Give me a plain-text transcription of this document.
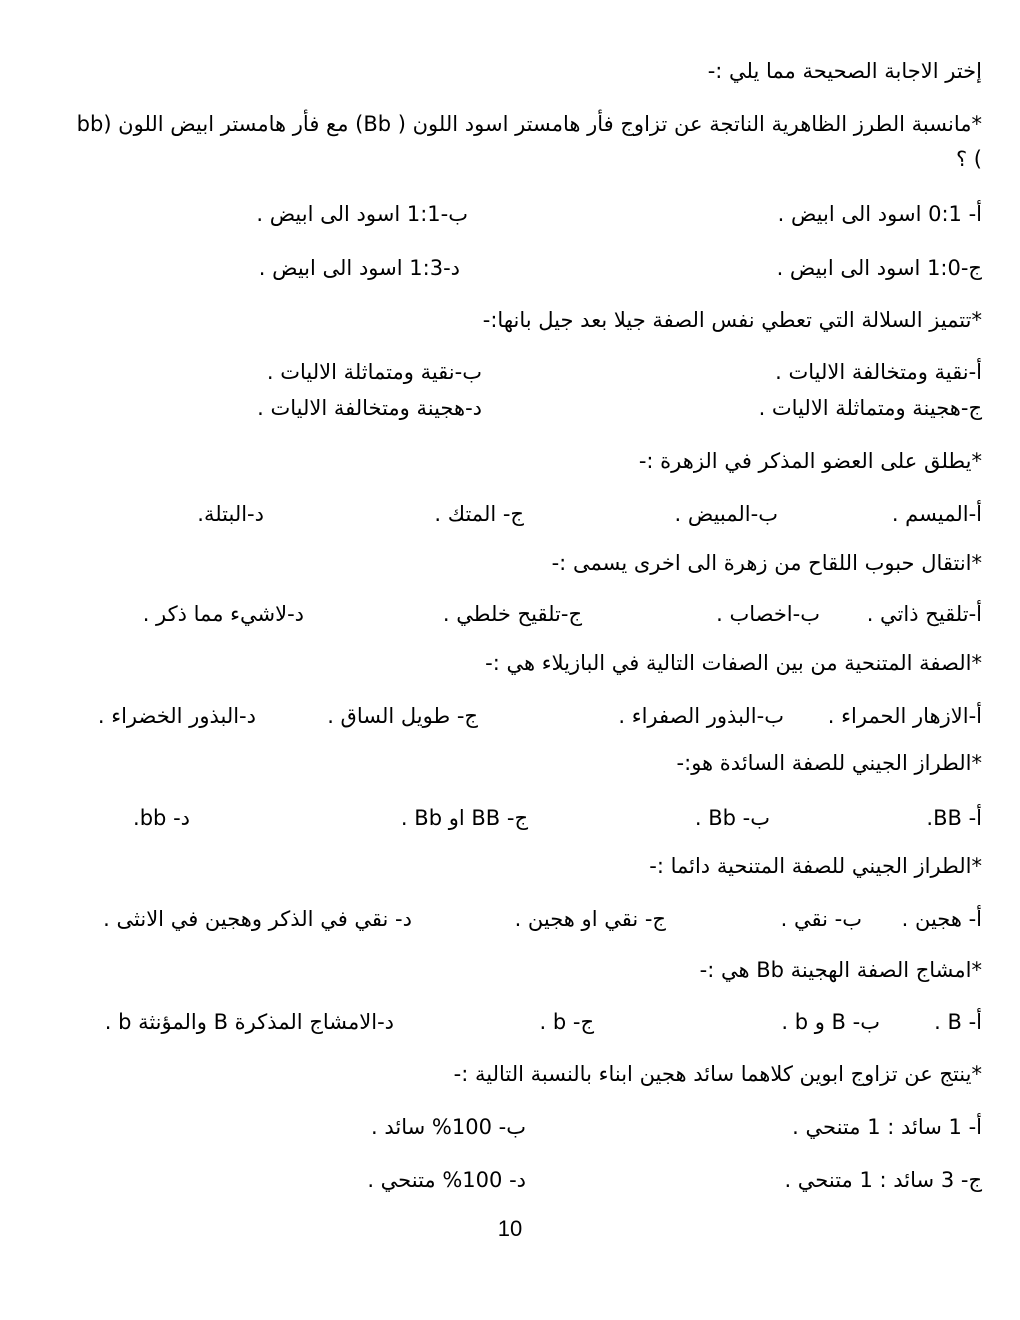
إختر الاجابة الصحيحة مما يلي :-
*مانسبة الطرز الظاهرية الناتجة عن تزاوج فأر هامستر اسود اللون ( Bb) مع فأر هامستر ابيض اللون (bb ) ؟
أ- 0:1 اسود الى ابيض .
ب-1:1 اسود الى ابيض .
ج-1:0 اسود الى ابيض .
د-1:3 اسود الى ابيض .
*تتميز السلالة التي تعطي نفس الصفة جيلا بعد جيل بانها:-
أ-نقية ومتخالفة الاليات .
ب-نقية ومتماثلة الاليات .
ج-هجينة ومتماثلة الاليات .
د-هجينة ومتخالفة الاليات .
*يطلق على العضو المذكر في الزهرة :-
أ-الميسم .
ب-المبيض .
ج- المتك .
د-البتلة.
*انتقال حبوب اللقاح من زهرة الى اخرى يسمى :-
أ-تلقيح ذاتي .
ب-اخصاب .
ج-تلقيح خلطي .
د-لاشيء مما ذكر .
*الصفة المتنحية من بين الصفات التالية في البازيلاء هي :-
أ-الازهار الحمراء .
ب-البذور الصفراء .
ج- طويل الساق .
د-البذور الخضراء .
*الطراز الجيني للصفة السائدة هو:-
أ- BB.
ب- Bb .
ج- BB او Bb .
د- bb.
*الطراز الجيني للصفة المتنحية دائما :-
أ- هجين .
ب- نقي .
ج- نقي او هجين .
د- نقي في الذكر وهجين في الانثى .
*امشاج الصفة الهجينة Bb هي :-
أ- B .
ب- B و b .
ج- b .
د-الامشاج المذكرة B والمؤنثة b .
*ينتج عن تزاوج ابوين كلاهما سائد هجين ابناء بالنسبة التالية :-
أ- 1 سائد : 1 متنحي .
ب- 100% سائد .
ج- 3 سائد : 1 متنحي .
د- 100% متنحي .
10
